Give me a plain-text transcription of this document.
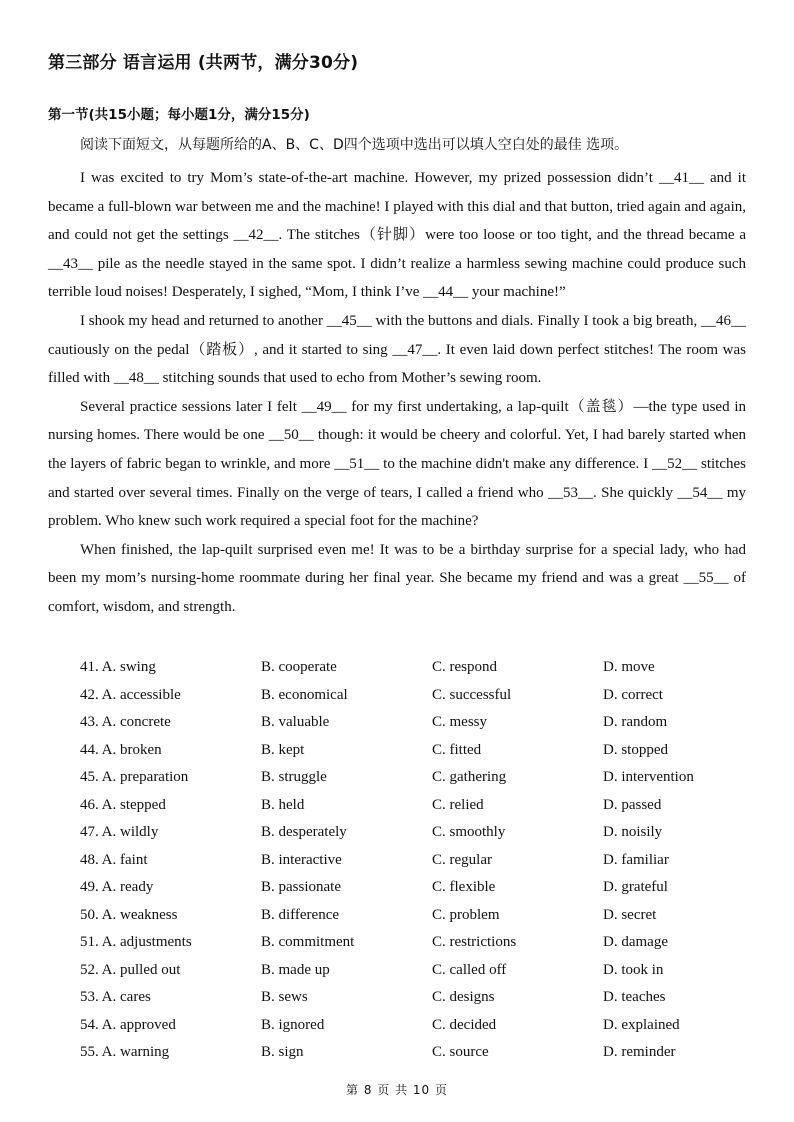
第三部分 语言运用 (共两节，满分30分)
第一节(共15小题；每小题1分，满分15分)
阅读下面短文，从每题所给的A、B、C、D四个选项中选出可以填人空白处的最佳 选项。

I was excited to try Mom’s state-of-the-art machine. However, my prized possession didn’t __41__ and it became a full-blown war between me and the machine! I played with this dial and that button, tried again and again, and could not get the settings __42__. The stitches（针脚）were too loose or too tight, and the thread became a __43__ pile as the needle stayed in the same spot. I didn’t realize a harmless sewing machine could produce such terrible loud noises! Desperately, I sighed, “Mom, I think I’ve __44__ your machine!”

I shook my head and returned to another __45__ with the buttons and dials. Finally I took a big breath, __46__ cautiously on the pedal（踏板）, and it started to sing __47__. It even laid down perfect stitches! The room was filled with __48__ stitching sounds that used to echo from Mother’s sewing room.

Several practice sessions later I felt __49__ for my first undertaking, a lap-quilt（盖毯）—the type used in nursing homes. There would be one __50__ though: it would be cheery and colorful. Yet, I had barely started when the layers of fabric began to wrinkle, and more __51__ to the machine didn't make any difference. I __52__ stitches and started over several times. Finally on the verge of tears, I called a friend who __53__. She quickly __54__ my problem. Who knew such work required a special foot for the machine?

When finished, the lap-quilt surprised even me! It was to be a birthday surprise for a special lady, who had been my mom’s nursing-home roommate during her final year. She became my friend and was a great __55__ of comfort, wisdom, and strength.

41. A. swing	B. cooperate	C. respond	D. move
42. A. accessible	B. economical	C. successful	D. correct
43. A. concrete	B. valuable	C. messy	D. random
44. A. broken	B. kept	C. fitted	D. stopped
45. A. preparation	B. struggle	C. gathering	D. intervention
46. A. stepped	B. held	C. relied	D. passed
47. A. wildly	B. desperately	C. smoothly	D. noisily
48. A. faint	B. interactive	C. regular	D. familiar
49. A. ready	B. passionate	C. flexible	D. grateful
50. A. weakness	B. difference	C. problem	D. secret
51. A. adjustments	B. commitment	C. restrictions	D. damage
52. A. pulled out	B. made up	C. called off	D. took in
53. A. cares	B. sews	C. designs	D. teaches
54. A. approved	B. ignored	C. decided	D. explained
55. A. warning	B. sign	C. source	D. reminder
第 8 页 共 10 页
